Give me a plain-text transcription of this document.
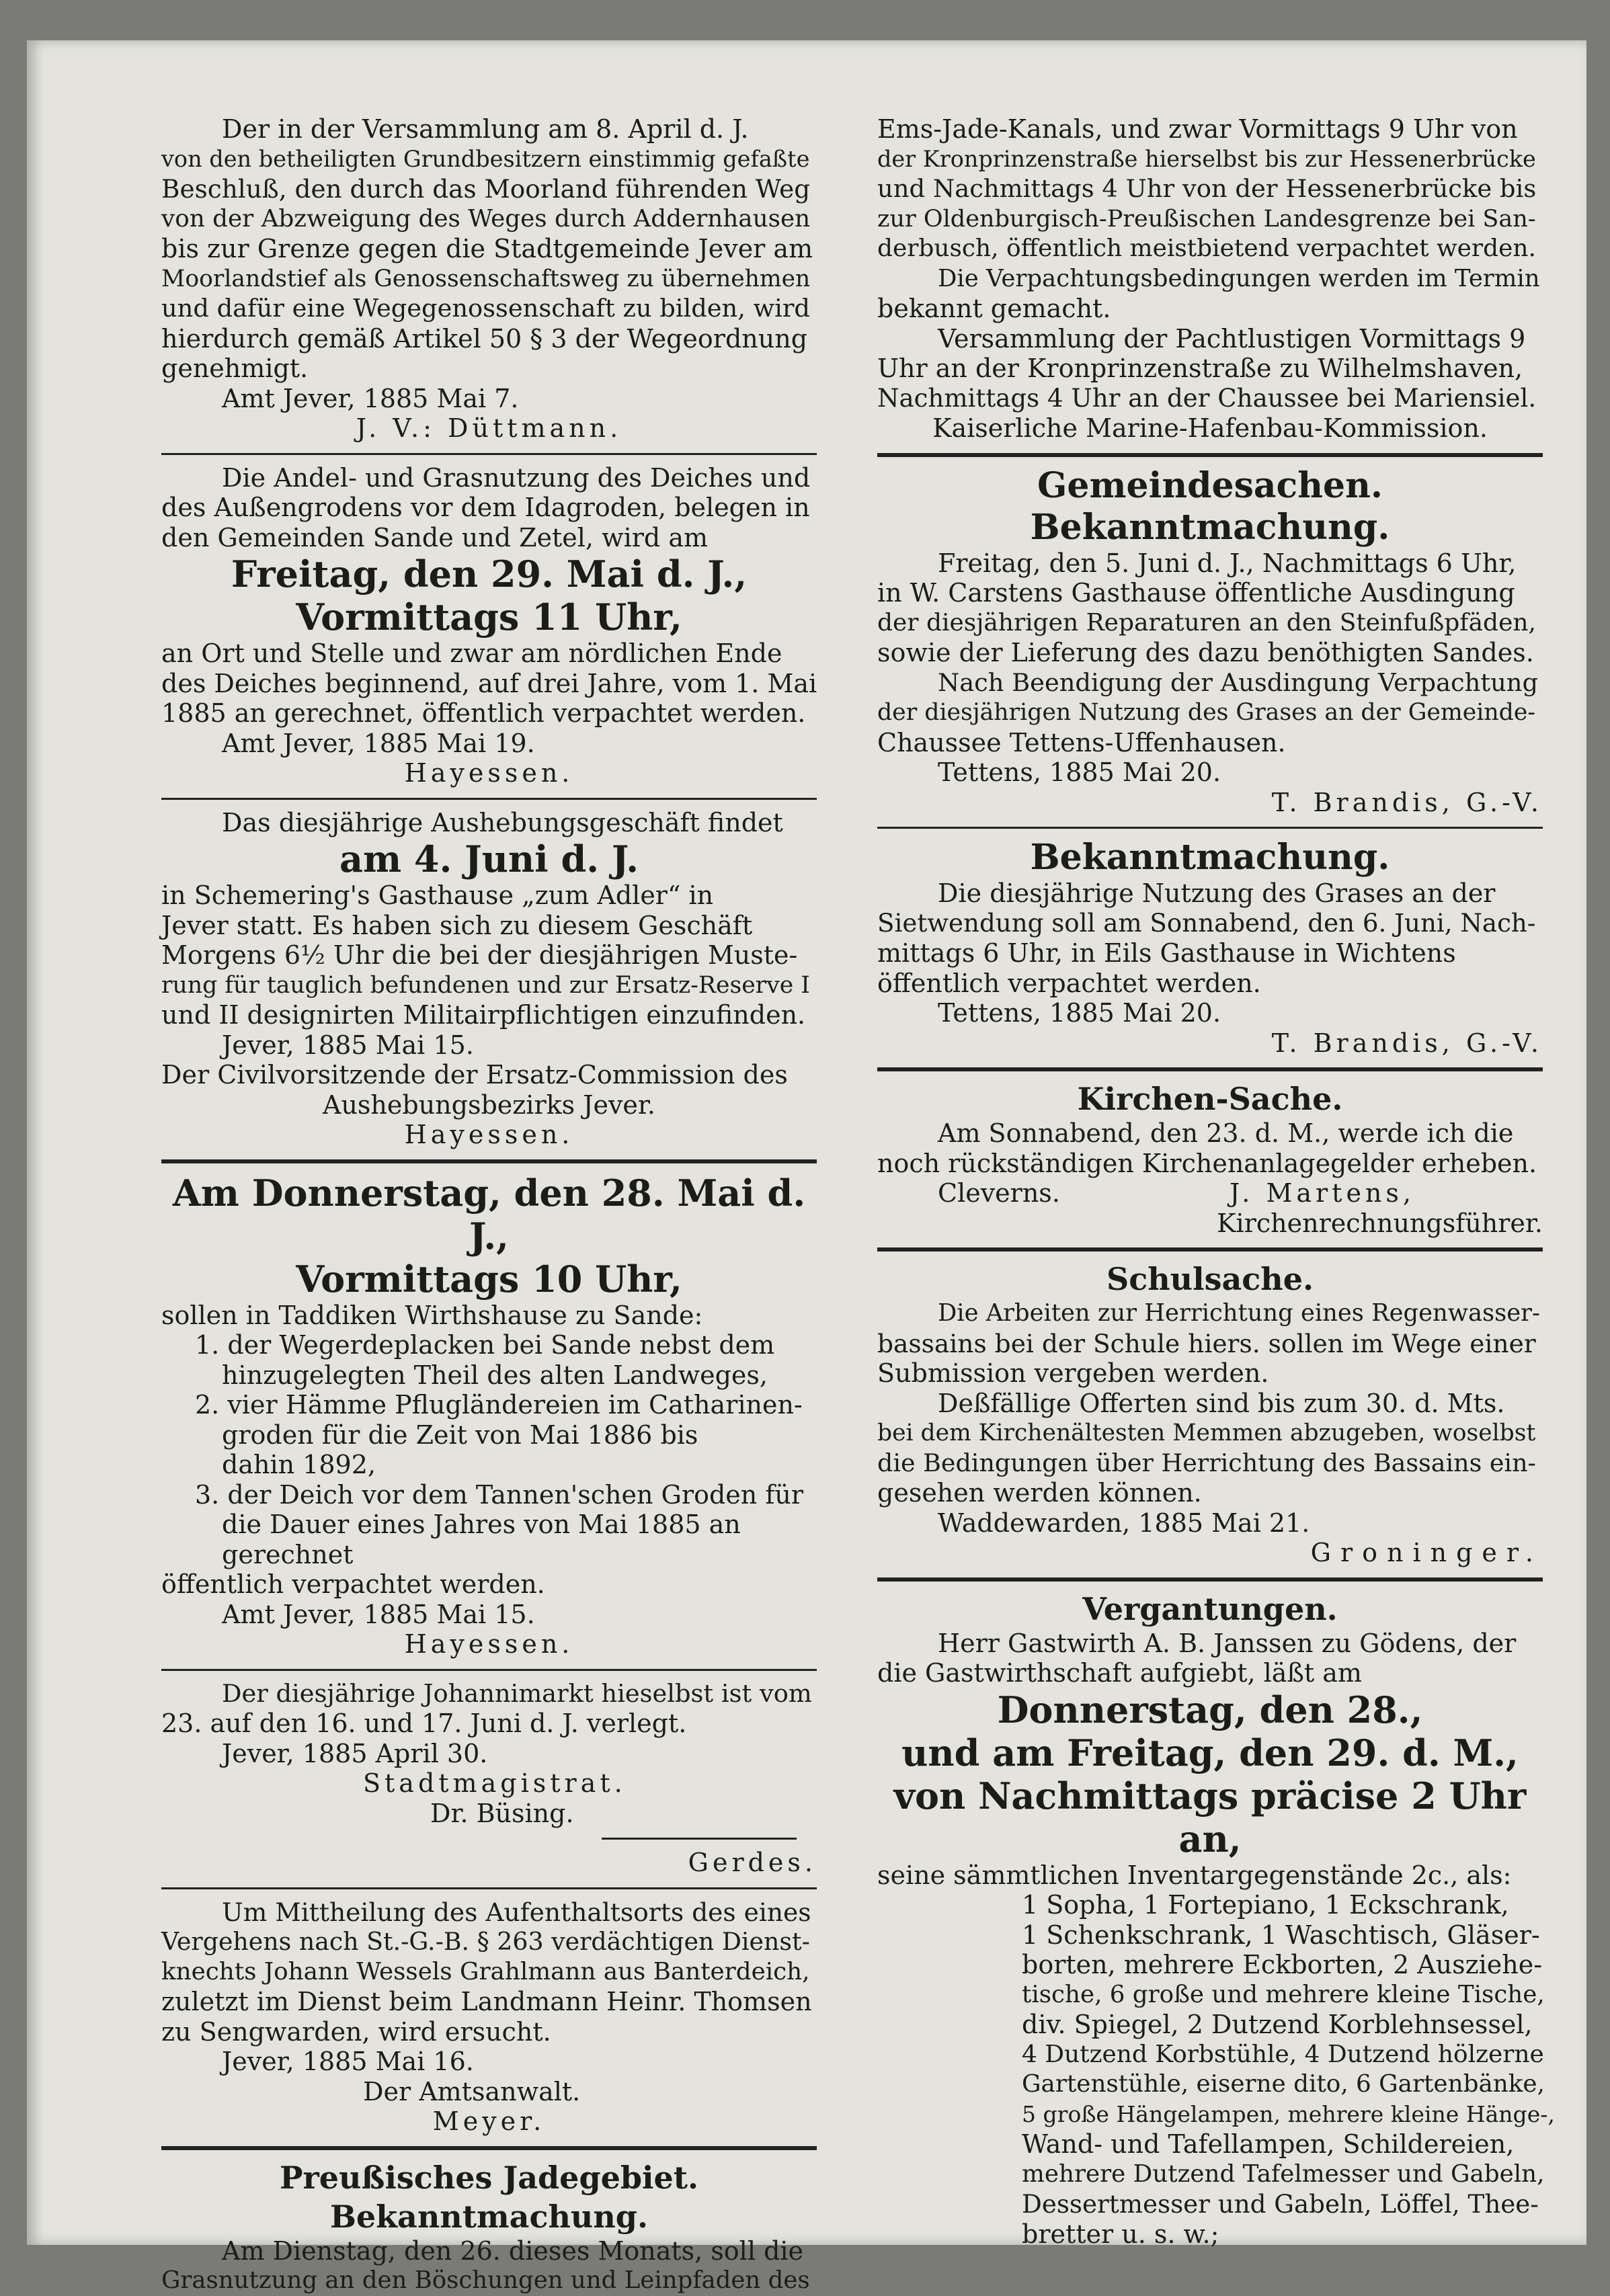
Der in der Versammlung am 8. April d. J.

von den betheiligten Grundbesitzern einstimmig gefaßte

Beschluß, den durch das Moorland führenden Weg

von der Abzweigung des Weges durch Addernhausen

bis zur Grenze gegen die Stadtgemeinde Jever am

Moorlandstief als Genossenschaftsweg zu übernehmen

und dafür eine Wegegenossenschaft zu bilden, wird

hierdurch gemäß Artikel 50 § 3 der Wegeordnung

genehmigt.

Amt Jever, 1885 Mai 7.

J. V.: Düttmann.

Die Andel- und Grasnutzung des Deiches und

des Außengrodens vor dem Idagroden, belegen in

den Gemeinden Sande und Zetel, wird am

Freitag, den 29. Mai d. J.,
Vormittags 11 Uhr,

an Ort und Stelle und zwar am nördlichen Ende

des Deiches beginnend, auf drei Jahre, vom 1. Mai

1885 an gerechnet, öffentlich verpachtet werden.

Amt Jever, 1885 Mai 19.

Hayessen.

Das diesjährige Aushebungsgeschäft findet

am 4. Juni d. J.

in Schemering's Gasthause „zum Adler“ in

Jever statt. Es haben sich zu diesem Geschäft

Morgens 6½ Uhr die bei der diesjährigen Muste-

rung für tauglich befundenen und zur Ersatz-Reserve I

und II designirten Militairpflichtigen einzufinden.

Jever, 1885 Mai 15.

Der Civilvorsitzende der Ersatz-Commission des

Aushebungsbezirks Jever.

Hayessen.

Am Donnerstag, den 28. Mai d. J.,
Vormittags 10 Uhr,

sollen in Taddiken Wirthshause zu Sande:

1. der Wegerdeplacken bei Sande nebst dem

hinzugelegten Theil des alten Landweges,

2. vier Hämme Pflugländereien im Catharinen-

groden für die Zeit von Mai 1886 bis

dahin 1892,

3. der Deich vor dem Tannen'schen Groden für

die Dauer eines Jahres von Mai 1885 an

gerechnet

öffentlich verpachtet werden.

Amt Jever, 1885 Mai 15.

Hayessen.

Der diesjährige Johannimarkt hieselbst ist vom

23. auf den 16. und 17. Juni d. J. verlegt.

Jever, 1885 April 30.

Stadtmagistrat.

Dr. Büsing.

Gerdes.

Um Mittheilung des Aufenthaltsorts des eines

Vergehens nach St.-G.-B. § 263 verdächtigen Dienst-

knechts Johann Wessels Grahlmann aus Banterdeich,

zuletzt im Dienst beim Landmann Heinr. Thomsen

zu Sengwarden, wird ersucht.

Jever, 1885 Mai 16.

Der Amtsanwalt.

Meyer.

Preußisches Jadegebiet.
Bekanntmachung.

Am Dienstag, den 26. dieses Monats, soll die

Grasnutzung an den Böschungen und Leinpfaden des

Ems-Jade-Kanals, und zwar Vormittags 9 Uhr von

der Kronprinzenstraße hierselbst bis zur Hessenerbrücke

und Nachmittags 4 Uhr von der Hessenerbrücke bis

zur Oldenburgisch-Preußischen Landesgrenze bei San-

derbusch, öffentlich meistbietend verpachtet werden.

Die Verpachtungsbedingungen werden im Termin

bekannt gemacht.

Versammlung der Pachtlustigen Vormittags 9

Uhr an der Kronprinzenstraße zu Wilhelmshaven,

Nachmittags 4 Uhr an der Chaussee bei Mariensiel.

Kaiserliche Marine-Hafenbau-Kommission.

Gemeindesachen.
Bekanntmachung.

Freitag, den 5. Juni d. J., Nachmittags 6 Uhr,

in W. Carstens Gasthause öffentliche Ausdingung

der diesjährigen Reparaturen an den Steinfußpfäden,

sowie der Lieferung des dazu benöthigten Sandes.

Nach Beendigung der Ausdingung Verpachtung

der diesjährigen Nutzung des Grases an der Gemeinde-

Chaussee Tettens-Uffenhausen.

Tettens, 1885 Mai 20.

T. Brandis, G.-V.

Bekanntmachung.

Die diesjährige Nutzung des Grases an der

Sietwendung soll am Sonnabend, den 6. Juni, Nach-

mittags 6 Uhr, in Eils Gasthause in Wichtens

öffentlich verpachtet werden.

Tettens, 1885 Mai 20.

T. Brandis, G.-V.

Kirchen-Sache.

Am Sonnabend, den 23. d. M., werde ich die

noch rückständigen Kirchenanlagegelder erheben.

Cleverns.	J. Martens,

Kirchenrechnungsführer.

Schulsache.

Die Arbeiten zur Herrichtung eines Regenwasser-

bassains bei der Schule hiers. sollen im Wege einer

Submission vergeben werden.

Deßfällige Offerten sind bis zum 30. d. Mts.

bei dem Kirchenältesten Memmen abzugeben, woselbst

die Bedingungen über Herrichtung des Bassains ein-

gesehen werden können.

Waddewarden, 1885 Mai 21.

Groninger.

Vergantungen.

Herr Gastwirth A. B. Janssen zu Gödens, der

die Gastwirthschaft aufgiebt, läßt am

Donnerstag, den 28.,
und am Freitag, den 29. d. M.,
von Nachmittags präcise 2 Uhr an,

seine sämmtlichen Inventargegenstände 2c., als:

1 Sopha, 1 Fortepiano, 1 Eckschrank,

1 Schenkschrank, 1 Waschtisch, Gläser-

borten, mehrere Eckborten, 2 Ausziehe-

tische, 6 große und mehrere kleine Tische,

div. Spiegel, 2 Dutzend Korblehnsessel,

4 Dutzend Korbstühle, 4 Dutzend hölzerne

Gartenstühle, eiserne dito, 6 Gartenbänke,

5 große Hängelampen, mehrere kleine Hänge-,

Wand- und Tafellampen, Schildereien,

mehrere Dutzend Tafelmesser und Gabeln,

Dessertmesser und Gabeln, Löffel, Thee-

bretter u. s. w.;
